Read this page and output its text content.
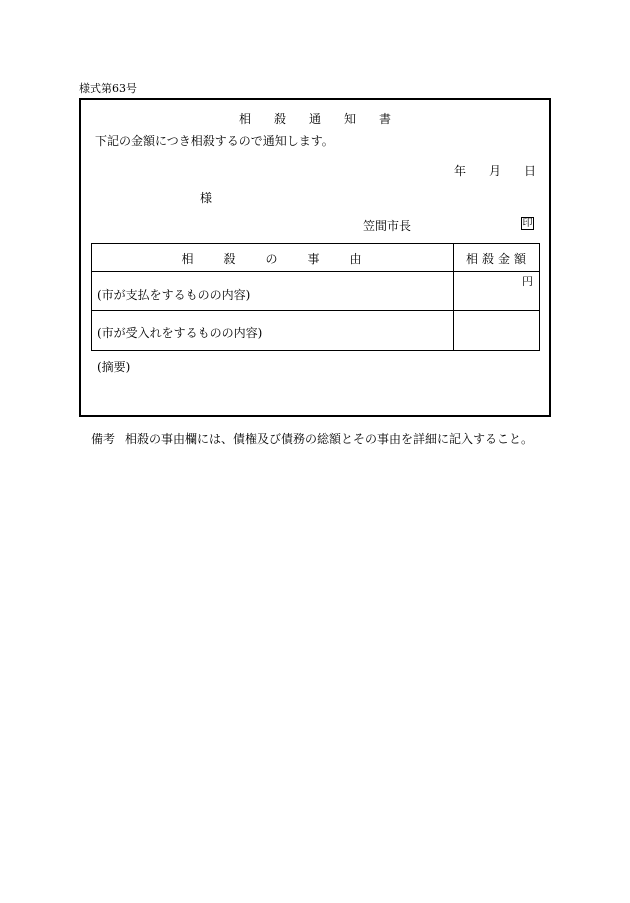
様式第63号
相殺通知書
下記の金額につき相殺するので通知します。
年 月 日
様
笠間市長	印
相殺の事由	相殺金額
円
(市が支払をするものの内容)
(市が受入れをするものの内容)
(摘要)
備考 相殺の事由欄には、債権及び債務の総額とその事由を詳細に記入すること。
